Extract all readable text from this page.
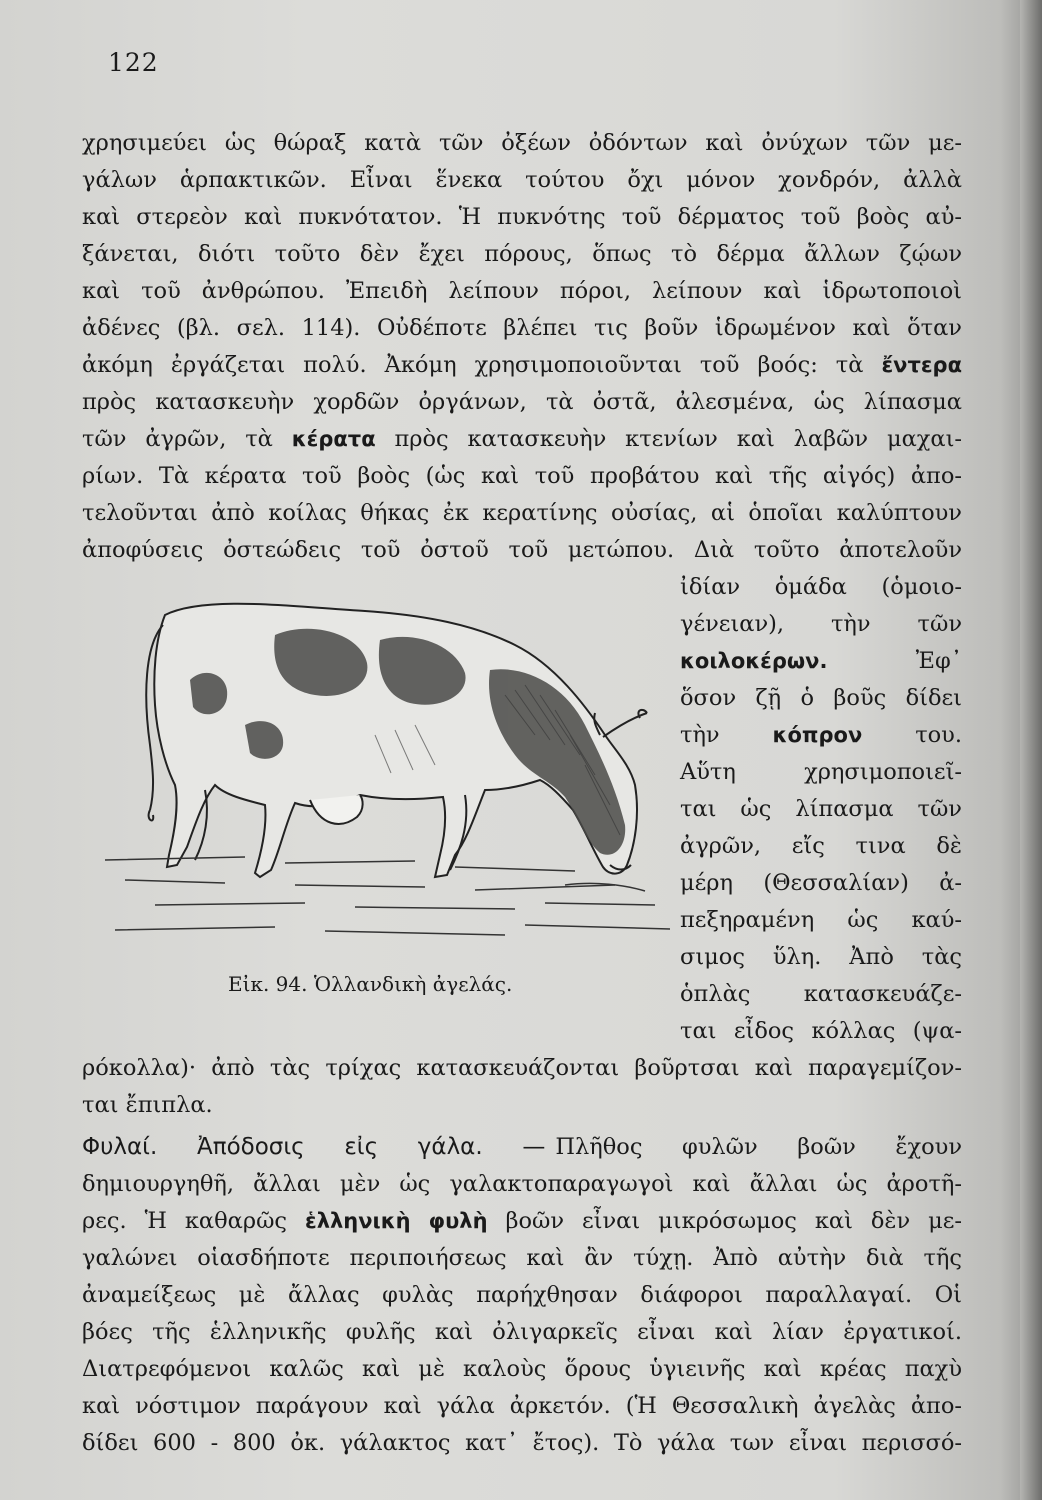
122
χρησιμεύει ὡς θώραξ κατὰ τῶν ὀξέων ὀδόντων καὶ ὀνύχων τῶν με-
γάλων ἁρπακτικῶν. Εἶναι ἕνεκα τούτου ὄχι μόνον χονδρόν, ἀλλὰ
καὶ στερεὸν καὶ πυκνότατον. Ἡ πυκνότης τοῦ δέρματος τοῦ βοὸς αὐ-
ξάνεται, διότι τοῦτο δὲν ἔχει πόρους, ὅπως τὸ δέρμα ἄλλων ζῴων
καὶ τοῦ ἀνθρώπου. Ἐπειδὴ λείπουν πόροι, λείπουν καὶ ἱδρωτοποιοὶ
ἀδένες (βλ. σελ. 114). Οὐδέποτε βλέπει τις βοῦν ἱδρωμένον καὶ ὅταν
ἀκόμη ἐργάζεται πολύ. Ἀκόμη χρησιμοποιοῦνται τοῦ βοός: τὰ ἔντερα
πρὸς κατασκευὴν χορδῶν ὀργάνων, τὰ ὀστᾶ, ἀλεσμένα, ὡς λίπασμα
τῶν ἀγρῶν, τὰ κέρατα πρὸς κατασκευὴν κτενίων καὶ λαβῶν μαχαι-
ρίων. Τὰ κέρατα τοῦ βοὸς (ὡς καὶ τοῦ προβάτου καὶ τῆς αἰγός) ἀπο-
τελοῦνται ἀπὸ κοίλας θήκας ἐκ κερατίνης οὐσίας, αἱ ὁποῖαι καλύπτουν
ἀποφύσεις ὀστεώδεις τοῦ ὀστοῦ τοῦ μετώπου. Διὰ τοῦτο ἀποτελοῦν
ἰδίαν ὁμάδα (ὁμοιο-
γένειαν), τὴν τῶν
κοιλοκέρων.	Ἐφ᾽
ὅσον ζῇ ὁ βοῦς δίδει
τὴν	κόπρον του.
Αὕτη χρησιμοποιεῖ-
ται ὡς λίπασμα τῶν
ἀγρῶν, εἴς τινα δὲ
μέρη (Θεσσαλίαν) ἀ-
πεξηραμένη ὡς καύ-
σιμος ὕλη. Ἀπὸ τὰς
ὁπλὰς κατασκευάζε-
ται εἶδος κόλλας (ψα-
Εἰκ. 94. Ὁλλανδικὴ ἀγελάς.
ρόκολλα)· ἀπὸ τὰς τρίχας κατασκευάζονται βοῦρτσαι καὶ παραγεμίζον-
ται ἔπιπλα.
Φυλαί. Ἀπόδοσις εἰς γάλα. — Πλῆθος φυλῶν βοῶν ἔχουν
δημιουργηθῆ, ἄλλαι μὲν ὡς γαλακτοπαραγωγοὶ καὶ ἄλλαι ὡς ἀροτῆ-
ρες. Ἡ καθαρῶς ἑλληνικὴ φυλὴ βοῶν εἶναι μικρόσωμος καὶ δὲν με-
γαλώνει οἱασδήποτε περιποιήσεως καὶ ἂν τύχῃ. Ἀπὸ αὐτὴν διὰ τῆς
ἀναμείξεως μὲ ἄλλας φυλὰς παρήχθησαν διάφοροι παραλλαγαί. Οἱ
βόες τῆς ἑλληνικῆς φυλῆς καὶ ὀλιγαρκεῖς εἶναι καὶ λίαν ἐργατικοί.
Διατρεφόμενοι καλῶς καὶ μὲ καλοὺς ὅρους ὑγιεινῆς καὶ κρέας παχὺ
καὶ νόστιμον παράγουν καὶ γάλα ἀρκετόν. (Ἡ Θεσσαλικὴ ἀγελὰς ἀπο-
δίδει 600 - 800 ὀκ. γάλακτος κατ᾽ ἔτος). Τὸ γάλα των εἶναι περισσό-
